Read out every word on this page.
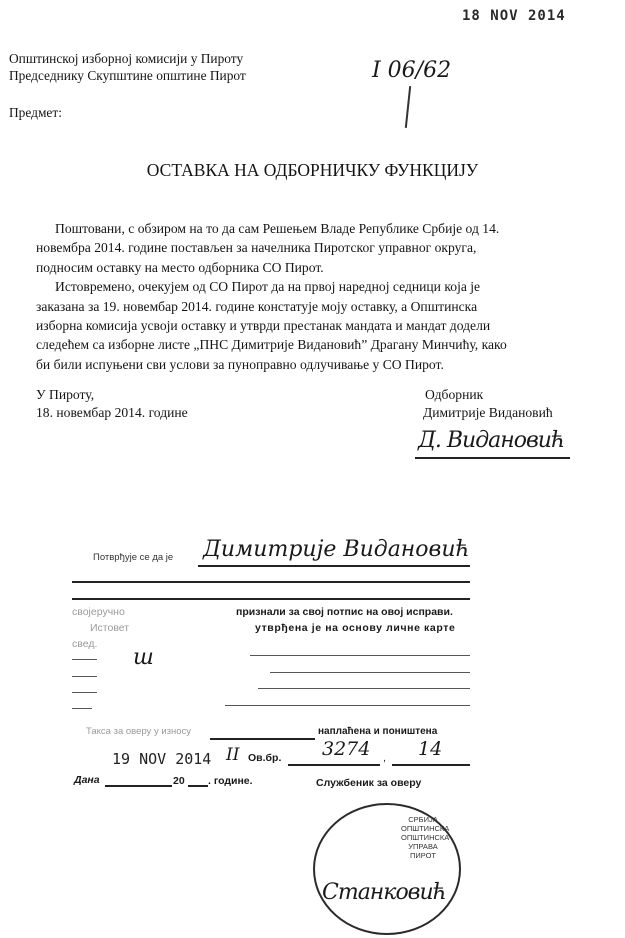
18 NOV 2014
Општинској изборној комисији у Пироту
Председнику Скупштине општине Пирот	I 06/62
Предмет:
ОСТАВКА НА ОДБОРНИЧКУ ФУНКЦИЈУ
Поштовани, с обзиром на то да сам Решењем Владе Републике Србије од 14.
новембра 2014. године постављен за начелника Пиротског управног округа,
подносим оставку на место одборника СО Пирот.
Истовремено, очекујем од СО Пирот да на првој наредној седници која је
заказана за 19. новембар 2014. године констатује моју оставку, а Општинска
изборна комисија усвоји оставку и утврди престанак мандата и мандат додели
следећем са изборне листе „ПНС Димитрије Видановић” Драгану Минчићу, како
би били испуњени сви услови за пуноправно одлучивање у СО Пирот.
У Пироту,
18. новембар 2014. године
Одборник
Димитрије Видановић
Д. Видановић
Потврђује се да је Димитрије Видановић
својеручно	признали за свој потпис на овој исправи.
Истовет	утврђена је на основу личне карте
свед.
ш
Такса за оверу у износу	наплаћена и поништена
19 NOV 2014 II Ов.бр. 3274 , 14
Дана	20 . године.	Службеник за оверу
СРБИЈА ОПШТИНСКА ОПШТИНСКА УПРАВА ПИРОТ
Станковић
